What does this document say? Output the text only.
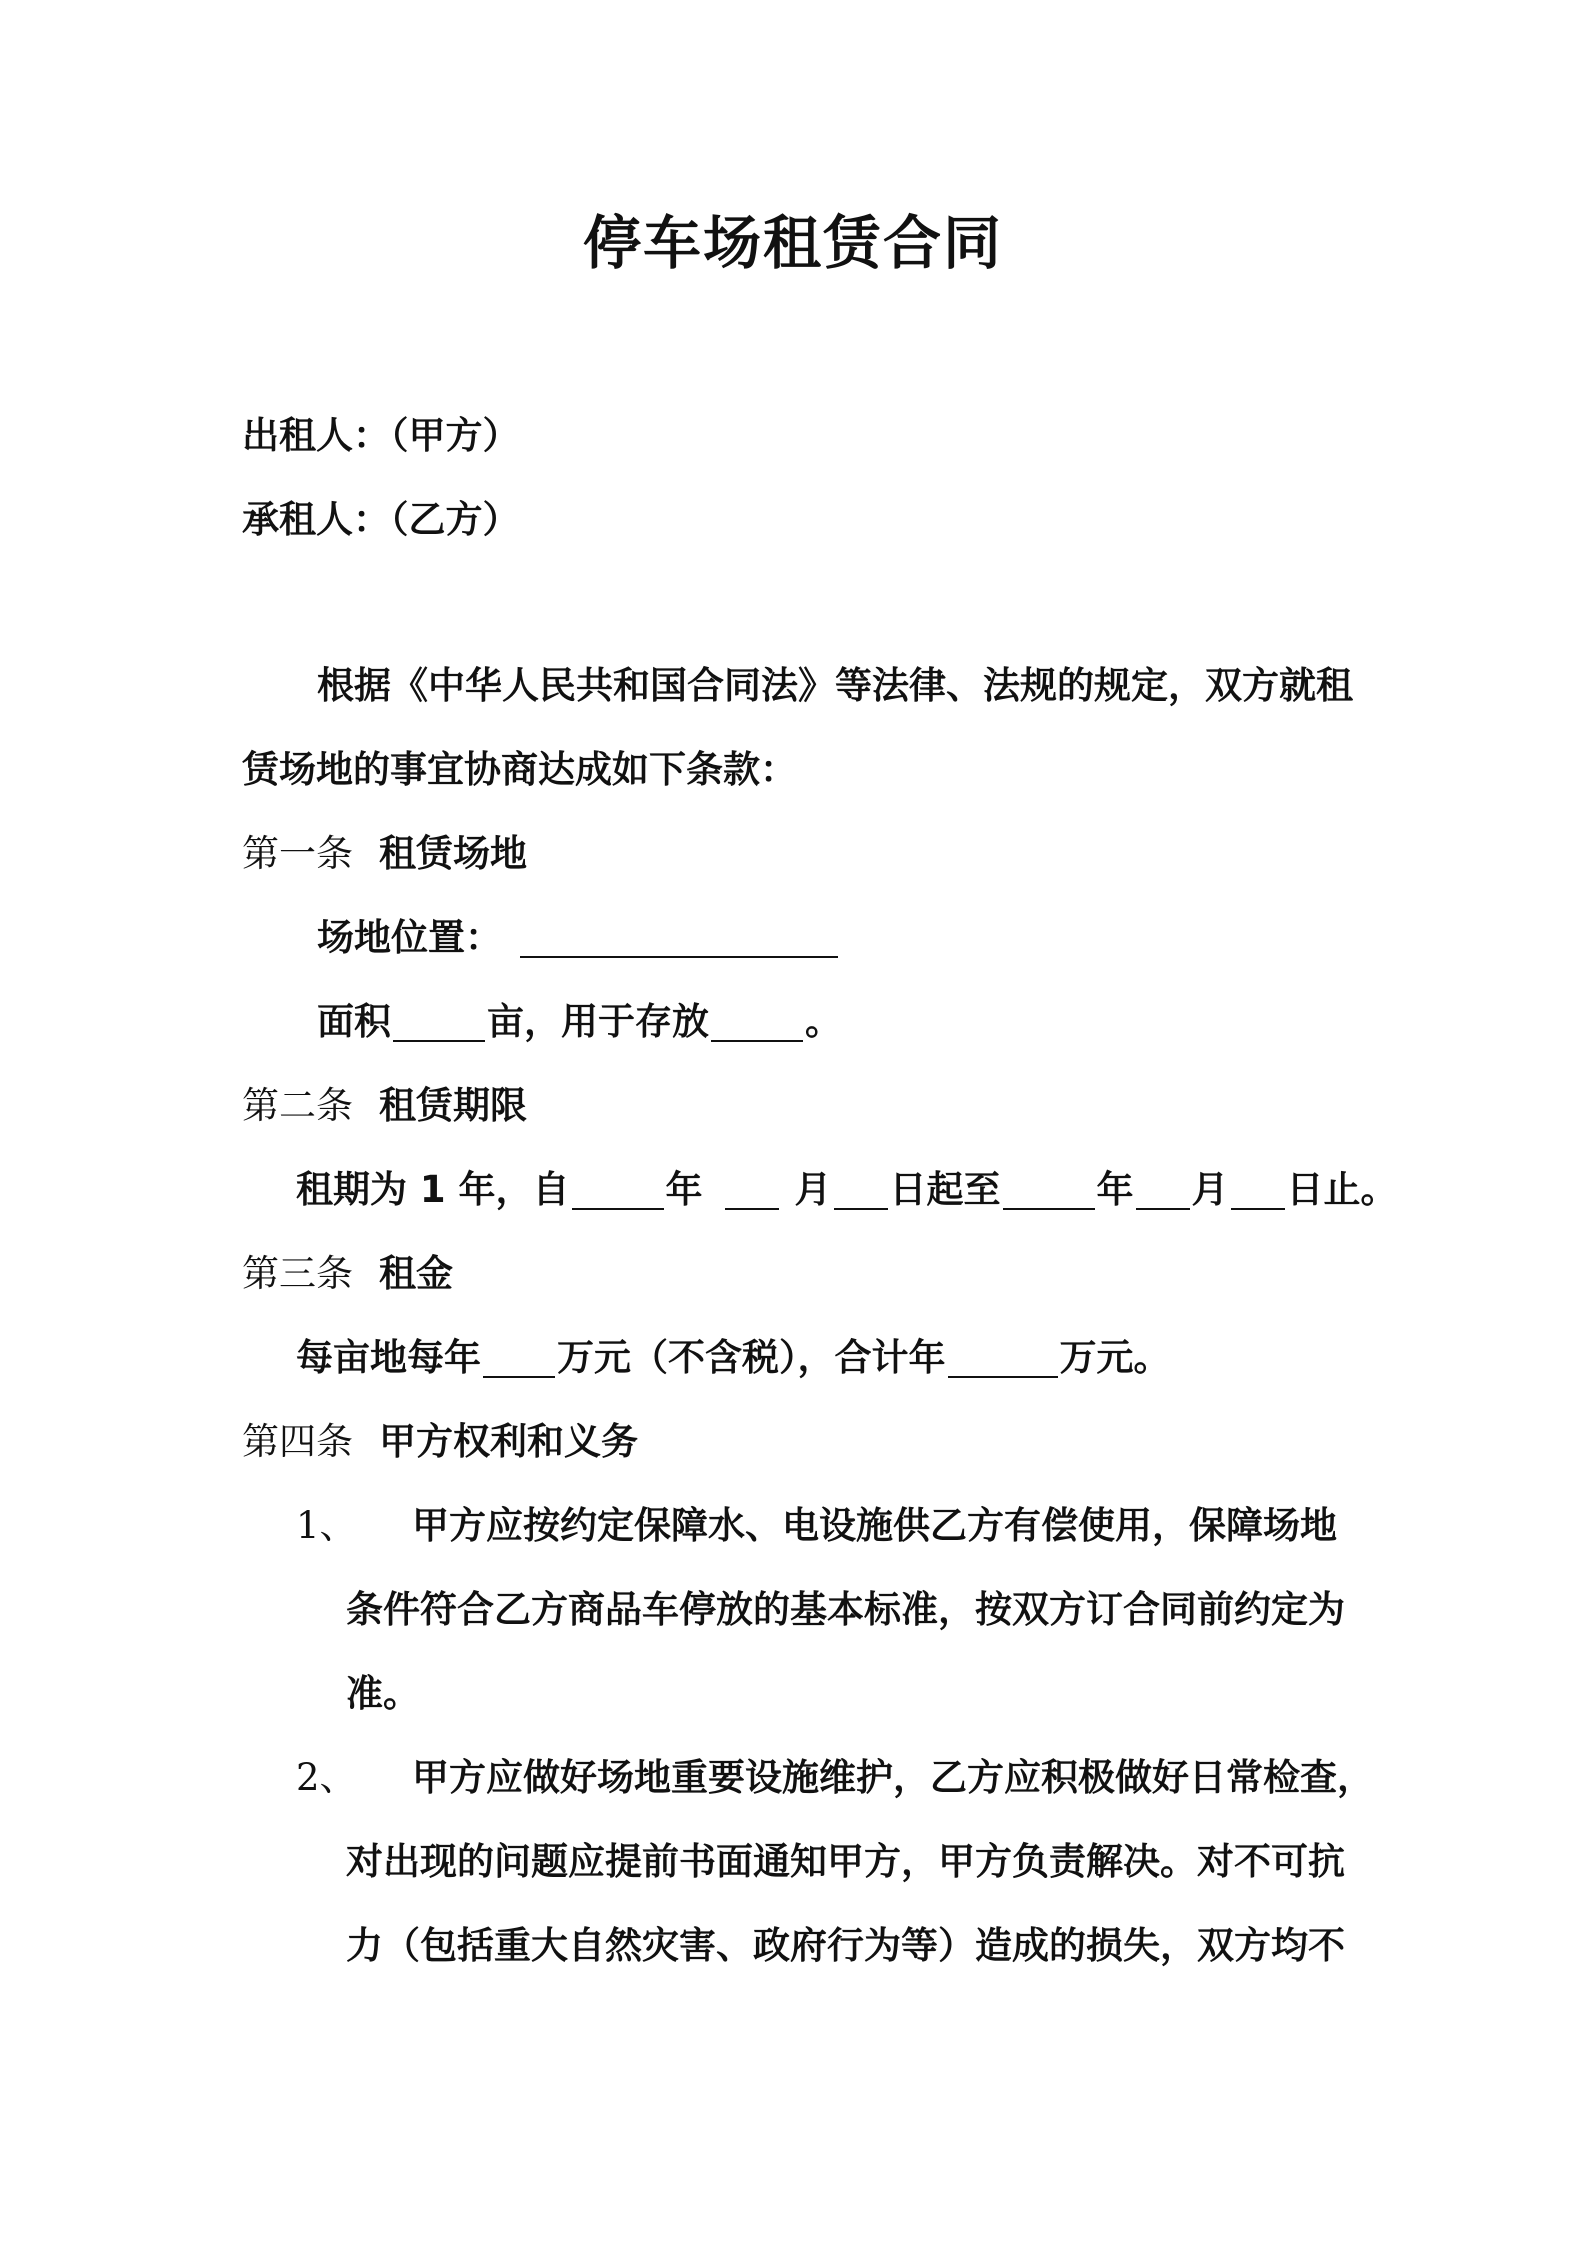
停车场租赁合同
出租人：（甲方）
承租人：（乙方）
根据《中华人民共和国合同法》等法律、法规的规定，双方就租
赁场地的事宜协商达成如下条款：
第一条 租赁场地
场地位置：
面积	亩，用于存放	。
第二条 租赁期限
租期为 1 年，自	年 月 日起至	年 月 日止。
第三条 租金
每亩地每年 万元（不含税），合计年	万元。
第四条 甲方权利和义务
1、	甲方应按约定保障水、电设施供乙方有偿使用，保障场地
条件符合乙方商品车停放的基本标准，按双方订合同前约定为
准。
2、	甲方应做好场地重要设施维护，乙方应积极做好日常检查，
对出现的问题应提前书面通知甲方，甲方负责解决。对不可抗
力（包括重大自然灾害、政府行为等）造成的损失，双方均不
